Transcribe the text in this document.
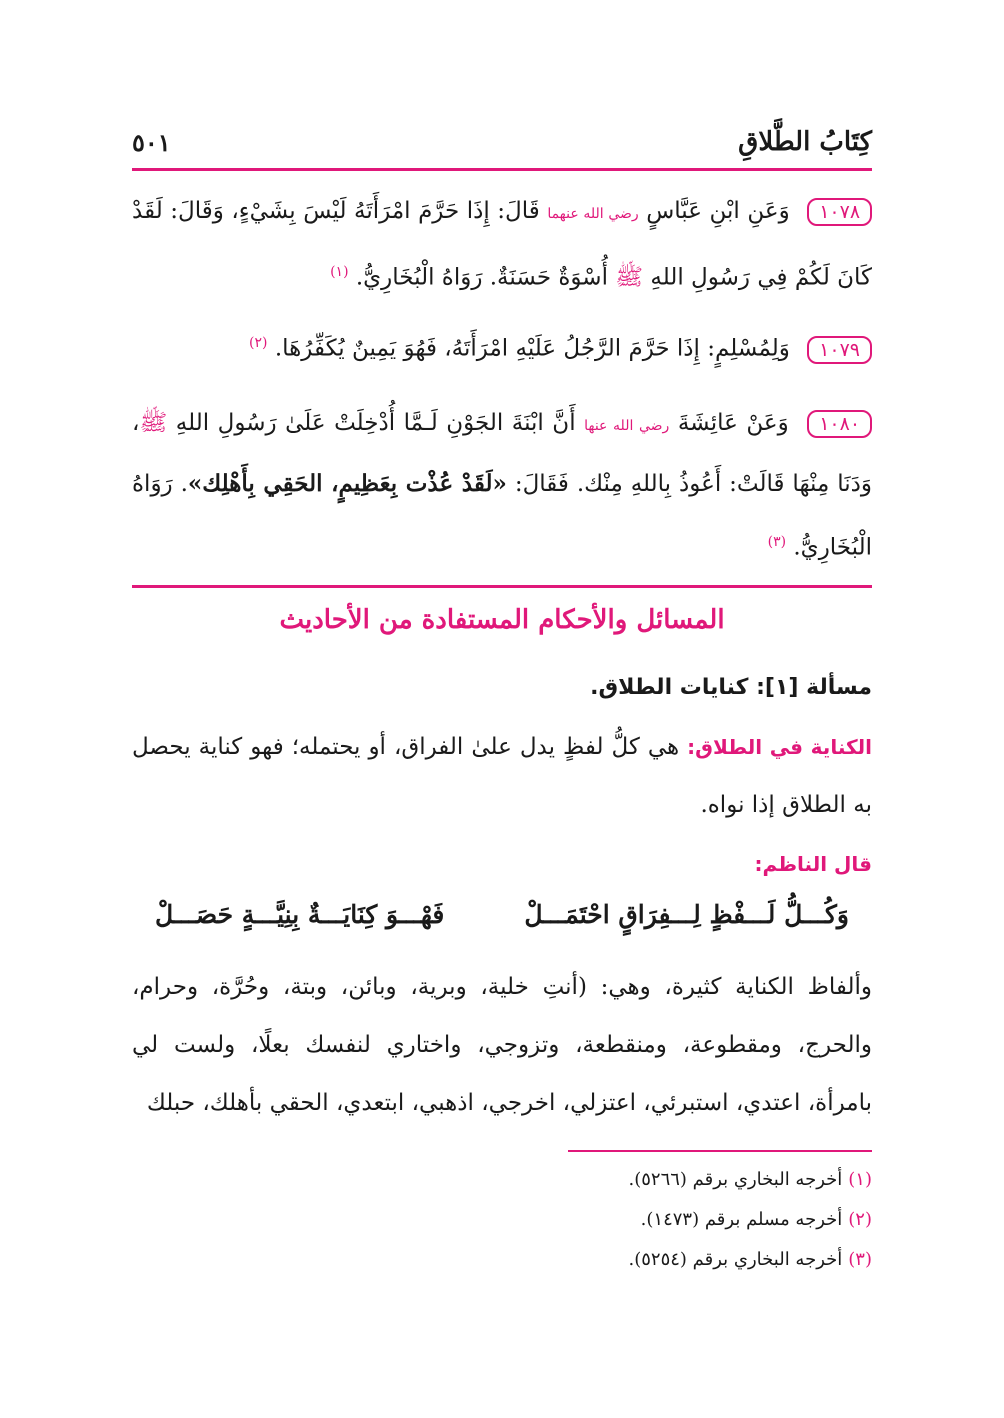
كِتَابُ الطَّلاقِ
٥٠١
١٠٧٨ وَعَنِ ابْنِ عَبَّاسٍ رضي الله عنهما قَالَ: إِذَا حَرَّمَ امْرَأَتَهُ لَيْسَ بِشَيْءٍ، وَقَالَ: لَقَدْ كَانَ لَكُمْ فِي رَسُولِ اللهِ ﷺ أُسْوَةٌ حَسَنَةٌ. رَوَاهُ الْبُخَارِيُّ. $^{(١)}$
١٠٧٩ وَلِمُسْلِمٍ: إِذَا حَرَّمَ الرَّجُلُ عَلَيْهِ امْرَأَتَهُ، فَهُوَ يَمِينٌ يُكَفِّرُهَا. $^{(٢)}$
١٠٨٠ وَعَنْ عَائِشَةَ رضي الله عنها أَنَّ ابْنَةَ الجَوْنِ لَـمَّا أُدْخِلَتْ عَلَىٰ رَسُولِ اللهِ ﷺ، وَدَنَا مِنْهَا قَالَتْ: أَعُوذُ بِاللهِ مِنْك. فَقَالَ: «لَقَدْ عُذْت بِعَظِيمٍ، الحَقِي بِأَهْلِك». رَوَاهُ الْبُخَارِيُّ. $^{(٣)}$
المسائل والأحكام المستفادة من الأحاديث
مسألة [١]: كنايات الطلاق.
الكناية في الطلاق: هي كلُّ لفظٍ يدل علىٰ الفراق، أو يحتمله؛ فهو كناية يحصل به الطلاق إذا نواه.
قال الناظم:
وَكُـــلُّ لَـــفْظٍ لِـــفِرَاقٍ احْتَمَـــلْ
فَهْـــوَ كِنَايَـــةٌ بِنِيَّـــةٍ حَصَـــلْ
وألفاظ الكناية كثيرة، وهي: (أنتِ خلية، وبرية، وبائن، وبتة، وحُرَّة، وحرام، والحرج، ومقطوعة، ومنقطعة، وتزوجي، واختاري لنفسك بعلًا، ولست لي بامرأة، اعتدي، استبرئي، اعتزلي، اخرجي، اذهبي، ابتعدي، الحقي بأهلك، حبلك
(١)أخرجه البخاري برقم (٥٢٦٦).
(٢)أخرجه مسلم برقم (١٤٧٣).
(٣)أخرجه البخاري برقم (٥٢٥٤).
